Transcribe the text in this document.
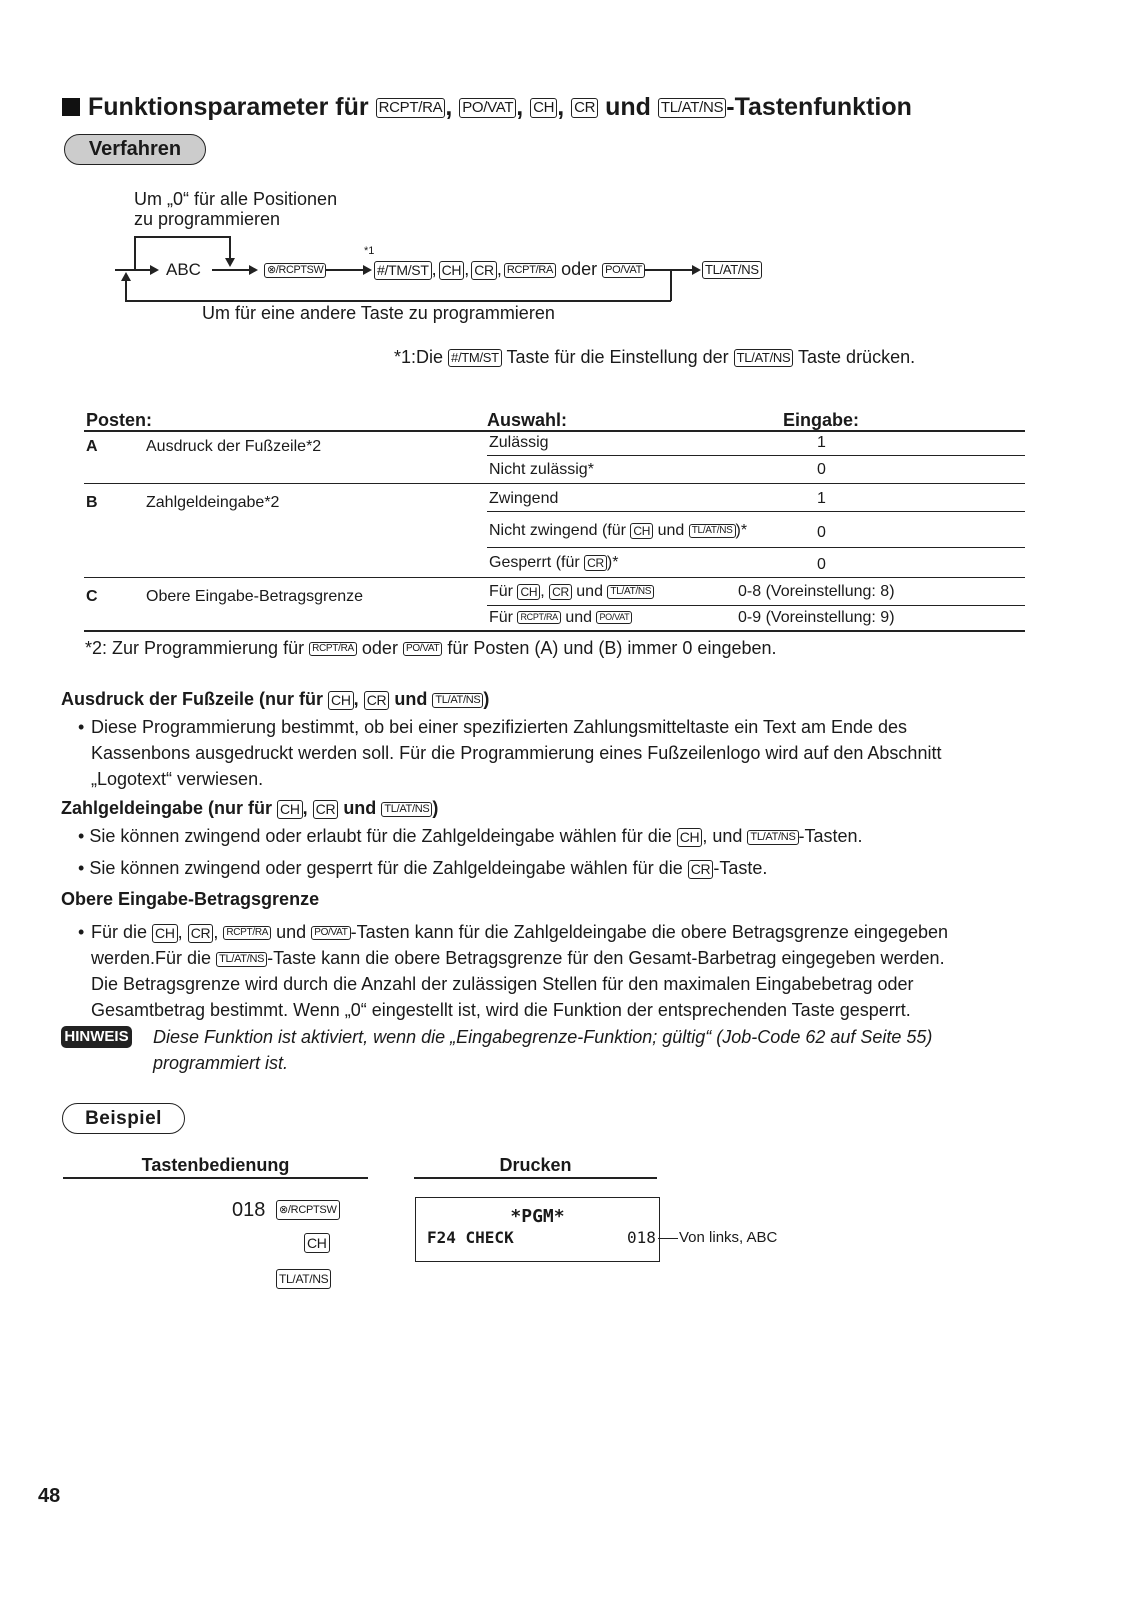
Funktionsparameter für RCPT/RA , PO/VAT , CH , CR und TL/AT/NS -Tastenfunktion
Verfahren
Um „0“ für alle Positionen
zu programmieren
ABC	⊗/RCPTSW
*1
#/TM/ST , CH , CR , RCPT/RA oder PO/VAT	TL/AT/NS
Um für eine andere Taste zu programmieren
*1:Die #/TM/ST Taste für die Einstellung der TL/AT/NS Taste drücken.
Posten:	Auswahl:	Eingabe:
A	Ausdruck der Fußzeile*2	Zulässig	1
Nicht zulässig*	0
B	Zahlgeldeingabe*2	Zwingend	1
Nicht zwingend (für CH und TL/AT/NS )*	0
Gesperrt (für CR )*	0
C	Obere Eingabe-Betragsgrenze	Für CH , CR und TL/AT/NS	0-8 (Voreinstellung: 8)
Für RCPT/RA und PO/VAT	0-9 (Voreinstellung: 9)
*2: Zur Programmierung für RCPT/RA oder PO/VAT für Posten (A) und (B) immer 0 eingeben.
Ausdruck der Fußzeile (nur für CH , CR und TL/AT/NS )
• Diese Programmierung bestimmt, ob bei einer spezifizierten Zahlungsmitteltaste ein Text am Ende des
Kassenbons ausgedruckt werden soll. Für die Programmierung eines Fußzeilenlogo wird auf den Abschnitt
„Logotext“ verwiesen.
Zahlgeldeingabe (nur für CH , CR und TL/AT/NS )
• Sie können zwingend oder erlaubt für die Zahlgeldeingabe wählen für die CH , und TL/AT/NS -Tasten.
• Sie können zwingend oder gesperrt für die Zahlgeldeingabe wählen für die CR -Taste.
Obere Eingabe-Betragsgrenze
• Für die CH , CR , RCPT/RA und PO/VAT -Tasten kann für die Zahlgeldeingabe die obere Betragsgrenze eingegeben
werden.Für die TL/AT/NS -Taste kann die obere Betragsgrenze für den Gesamt-Barbetrag eingegeben werden.
Die Betragsgrenze wird durch die Anzahl der zulässigen Stellen für den maximalen Eingabebetrag oder
Gesamtbetrag bestimmt. Wenn „0“ eingestellt ist, wird die Funktion der entsprechenden Taste gesperrt.
HINWEIS Diese Funktion ist aktiviert, wenn die „Eingabegrenze-Funktion; gültig“ (Job-Code 62 auf Seite 55)
programmiert ist.
Beispiel
Tastenbedienung	Drucken
018 ⊗/RCPTSW
CH
TL/AT/NS
*PGM*
F24 CHECK	018 Von links, ABC
48
